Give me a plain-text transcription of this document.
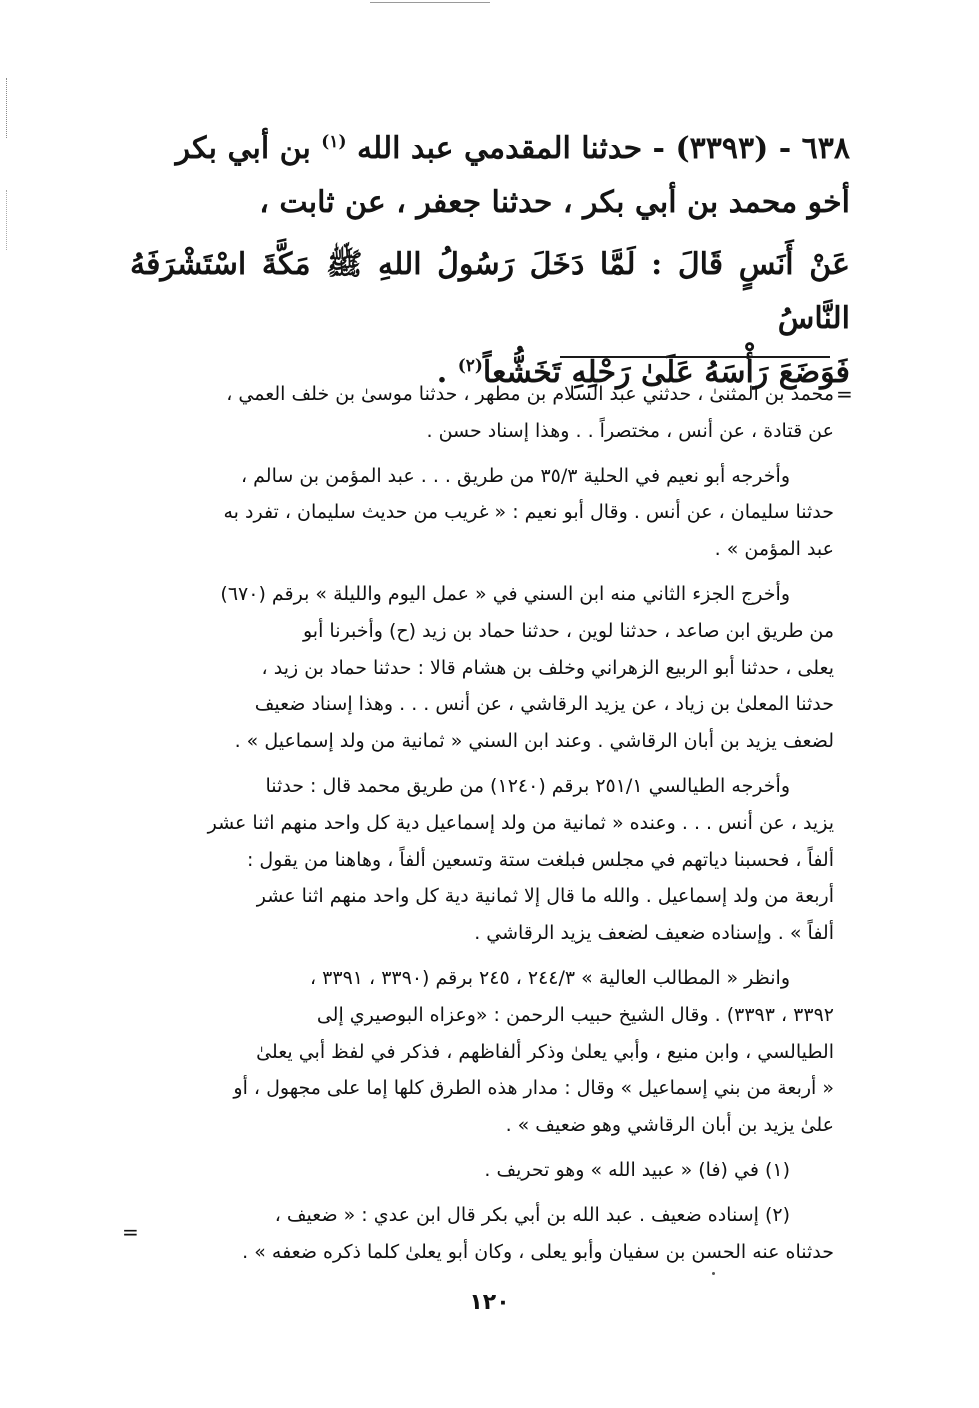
٦٣٨ - (٣٣٩٣) - حدثنا المقدمي عبد الله $^{(١)}$ بن أبي بكر

أخو محمد بن أبي بكر ، حدثنا جعفر ، عن ثابت ،

عَنْ أَنَسٍ قَالَ : لَمَّا دَخَلَ رَسُولُ اللهِ ﷺ مَكَّةَ اسْتَشْرَفَهُ النَّاسُ

فَوَضَعَ رَأْسَهُ عَلَىٰ رَحْلِهِ تَخَشُّعاً$^{(٢)}$ .

=

محمد بن المثنىٰ ، حدثني عبد السلام بن مطهر ، حدثنا موسىٰ بن خلف العمي ،
عن قتادة ، عن أنس ، مختصراً . . وهذا إسناد حسن .

وأخرجه أبو نعيم في الحلية ٣٥/٣ من طريق . . . عبد المؤمن بن سالم ،
حدثنا سليمان ، عن أنس . وقال أبو نعيم : « غريب من حديث سليمان ، تفرد به
عبد المؤمن » .

وأخرج الجزء الثاني منه ابن السني في « عمل اليوم والليلة » برقم (٦٧٠)
من طريق ابن صاعد ، حدثنا لوين ، حدثنا حماد بن زيد (ح) وأخبرنا أبو
يعلى ، حدثنا أبو الربيع الزهراني وخلف بن هشام قالا : حدثنا حماد بن زيد ،
حدثنا المعلىٰ بن زياد ، عن يزيد الرقاشي ، عن أنس . . . وهذا إسناد ضعيف
لضعف يزيد بن أبان الرقاشي . وعند ابن السني « ثمانية من ولد إسماعيل » .

وأخرجه الطيالسي ٢٥١/١ برقم (١٢٤٠) من طريق محمد قال : حدثنا
يزيد ، عن أنس . . . وعنده « ثمانية من ولد إسماعيل دية كل واحد منهم اثنا عشر
ألفاً ، فحسبنا دياتهم في مجلس فبلغت ستة وتسعين ألفاً ، وهاهنا من يقول :
أربعة من ولد إسماعيل . والله ما قال إلا ثمانية دية كل واحد منهم اثنا عشر
ألفاً » . وإسناده ضعيف لضعف يزيد الرقاشي .

وانظر « المطالب العالية » ٢٤٤/٣ ، ٢٤٥ برقم (٣٣٩٠ ، ٣٣٩١ ،
٣٣٩٢ ، ٣٣٩٣) . وقال الشيخ حبيب الرحمن : «وعزاه البوصيري إلى
الطيالسي ، وابن منيع ، وأبي يعلىٰ وذكر ألفاظهم ، فذكر في لفظ أبي يعلىٰ
« أربعة من بني إسماعيل » وقال : مدار هذه الطرق كلها إما على مجهول ، أو
علىٰ يزيد بن أبان الرقاشي وهو ضعيف » .

(١) في (فا) « عبيد الله » وهو تحريف .

(٢) إسناده ضعيف . عبد الله بن أبي بكر قال ابن عدي : « ضعيف ،
حدثناه عنه الحسن بن سفيان وأبو يعلى ، وكان أبو يعلىٰ كلما ذكره ضعفه » .

=
١٢٠
